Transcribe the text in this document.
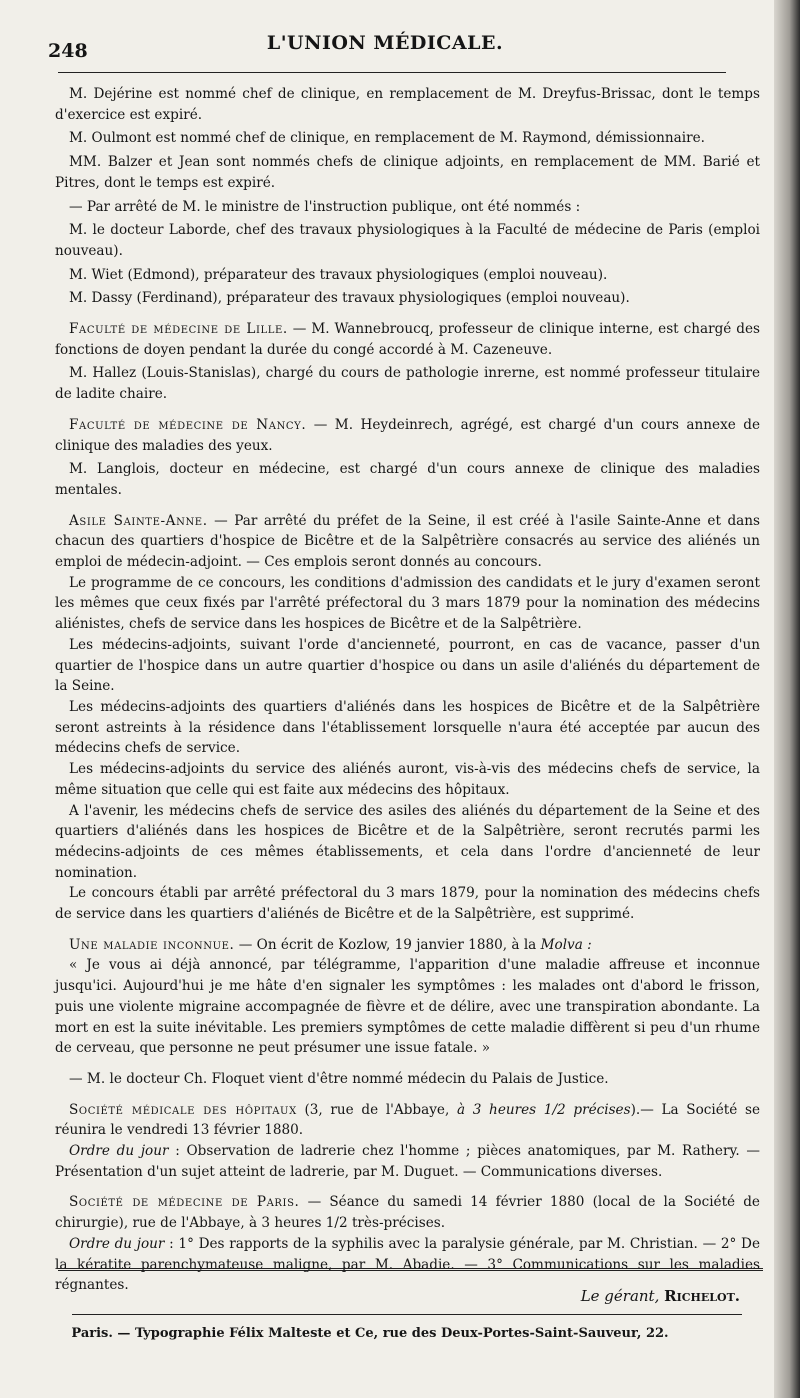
248	L'UNION MÉDICALE.

M. Dejérine est nommé chef de clinique, en remplacement de M. Dreyfus-Brissac, dont le temps d'exercice est expiré.

M. Oulmont est nommé chef de clinique, en remplacement de M. Raymond, démissionnaire.

MM. Balzer et Jean sont nommés chefs de clinique adjoints, en remplacement de MM. Barié et Pitres, dont le temps est expiré.

— Par arrêté de M. le ministre de l'instruction publique, ont été nommés :

M. le docteur Laborde, chef des travaux physiologiques à la Faculté de médecine de Paris (emploi nouveau).

M. Wiet (Edmond), préparateur des travaux physiologiques (emploi nouveau).

M. Dassy (Ferdinand), préparateur des travaux physiologiques (emploi nouveau).

Faculté de médecine de Lille. — M. Wannebroucq, professeur de clinique interne, est chargé des fonctions de doyen pendant la durée du congé accordé à M. Cazeneuve.

M. Hallez (Louis-Stanislas), chargé du cours de pathologie inrerne, est nommé professeur titulaire de ladite chaire.

Faculté de médecine de Nancy. — M. Heydeinrech, agrégé, est chargé d'un cours annexe de clinique des maladies des yeux.

M. Langlois, docteur en médecine, est chargé d'un cours annexe de clinique des maladies mentales.

Asile Sainte-Anne. — Par arrêté du préfet de la Seine, il est créé à l'asile Sainte-Anne et dans chacun des quartiers d'hospice de Bicêtre et de la Salpêtrière consacrés au service des aliénés un emploi de médecin-adjoint. — Ces emplois seront donnés au concours.

Le programme de ce concours, les conditions d'admission des candidats et le jury d'examen seront les mêmes que ceux fixés par l'arrêté préfectoral du 3 mars 1879 pour la nomination des médecins aliénistes, chefs de service dans les hospices de Bicêtre et de la Salpêtrière.

Les médecins-adjoints, suivant l'orde d'ancienneté, pourront, en cas de vacance, passer d'un quartier de l'hospice dans un autre quartier d'hospice ou dans un asile d'aliénés du département de la Seine.

Les médecins-adjoints des quartiers d'aliénés dans les hospices de Bicêtre et de la Salpêtrière seront astreints à la résidence dans l'établissement lorsquelle n'aura été acceptée par aucun des médecins chefs de service.

Les médecins-adjoints du service des aliénés auront, vis-à-vis des médecins chefs de service, la même situation que celle qui est faite aux médecins des hôpitaux.

A l'avenir, les médecins chefs de service des asiles des aliénés du département de la Seine et des quartiers d'aliénés dans les hospices de Bicêtre et de la Salpêtrière, seront recrutés parmi les médecins-adjoints de ces mêmes établissements, et cela dans l'ordre d'ancienneté de leur nomination.

Le concours établi par arrêté préfectoral du 3 mars 1879, pour la nomination des médecins chefs de service dans les quartiers d'aliénés de Bicêtre et de la Salpêtrière, est supprimé.

Une maladie inconnue. — On écrit de Kozlow, 19 janvier 1880, à la Molva :

« Je vous ai déjà annoncé, par télégramme, l'apparition d'une maladie affreuse et inconnue jusqu'ici. Aujourd'hui je me hâte d'en signaler les symptômes : les malades ont d'abord le frisson, puis une violente migraine accompagnée de fièvre et de délire, avec une transpiration abondante. La mort en est la suite inévitable. Les premiers symptômes de cette maladie diffèrent si peu d'un rhume de cerveau, que personne ne peut présumer une issue fatale. »

— M. le docteur Ch. Floquet vient d'être nommé médecin du Palais de Justice.

Société médicale des hôpitaux (3, rue de l'Abbaye, à 3 heures 1/2 précises).— La Société se réunira le vendredi 13 février 1880.

Ordre du jour : Observation de ladrerie chez l'homme ; pièces anatomiques, par M. Rathery. — Présentation d'un sujet atteint de ladrerie, par M. Duguet. — Communications diverses.

Société de médecine de Paris. — Séance du samedi 14 février 1880 (local de la Société de chirurgie), rue de l'Abbaye, à 3 heures 1/2 très-précises.

Ordre du jour : 1° Des rapports de la syphilis avec la paralysie générale, par M. Christian. — 2° De la kératite parenchymateuse maligne, par M. Abadie. — 3° Communications sur les maladies régnantes.

Le gérant, Richelot.
Paris. — Typographie Félix Malteste et Ce, rue des Deux-Portes-Saint-Sauveur, 22.
